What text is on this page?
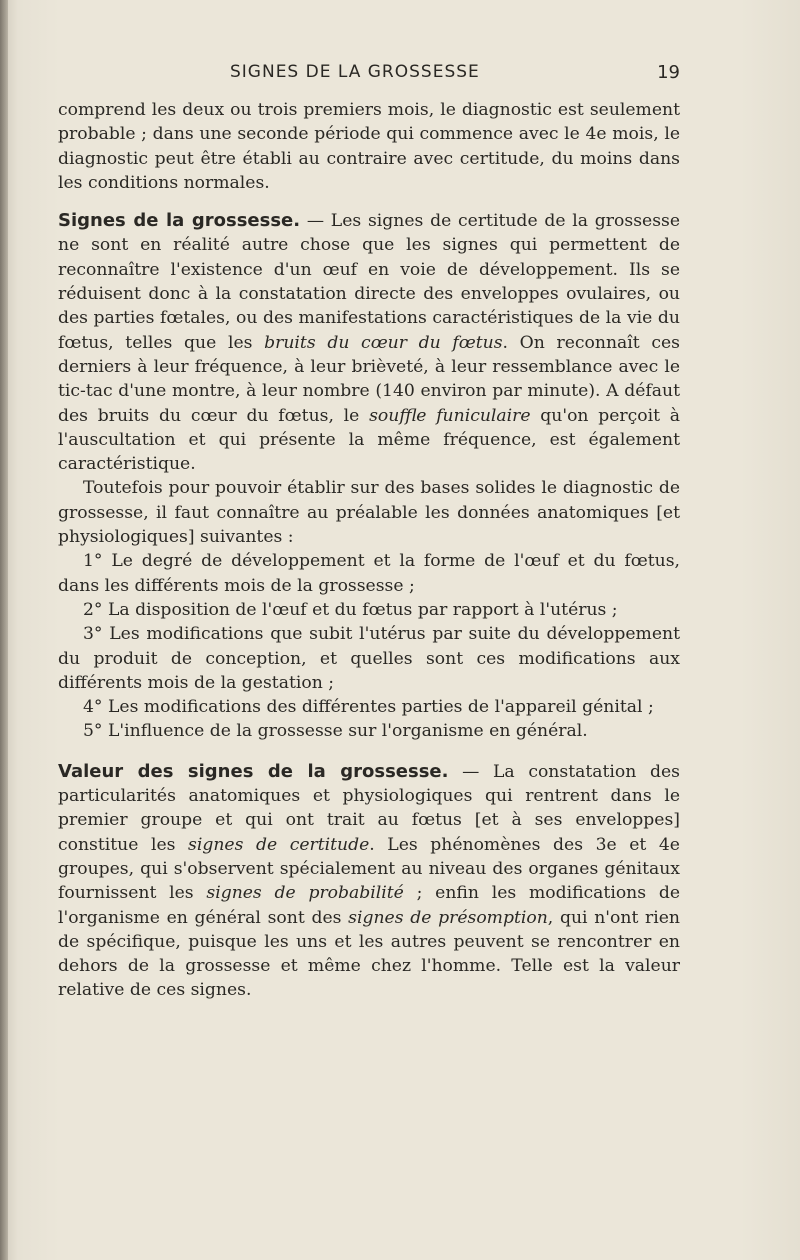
SIGNES DE LA GROSSESSE	19

comprend les deux ou trois premiers mois, le diagnostic est seulement probable ; dans une seconde période qui commence avec le 4e mois, le diagnostic peut être établi au contraire avec certitude, du moins dans les conditions normales.

Signes de la grossesse. — Les signes de certitude de la grossesse ne sont en réalité autre chose que les signes qui permettent de reconnaître l'existence d'un œuf en voie de développement. Ils se réduisent donc à la constatation directe des enveloppes ovulaires, ou des parties fœtales, ou des manifestations caractéristiques de la vie du fœtus, telles que les bruits du cœur du fœtus. On reconnaît ces derniers à leur fréquence, à leur brièveté, à leur ressemblance avec le tic-tac d'une montre, à leur nombre (140 environ par minute). A défaut des bruits du cœur du fœtus, le souffle funiculaire qu'on perçoit à l'auscultation et qui présente la même fréquence, est également caractéristique.

Toutefois pour pouvoir établir sur des bases solides le diagnostic de grossesse, il faut connaître au préalable les données anatomiques [et physiologiques] suivantes :

1° Le degré de développement et la forme de l'œuf et du fœtus, dans les différents mois de la grossesse ;

2° La disposition de l'œuf et du fœtus par rapport à l'utérus ;

3° Les modifications que subit l'utérus par suite du développement du produit de conception, et quelles sont ces modifications aux différents mois de la gestation ;

4° Les modifications des différentes parties de l'appareil génital ;

5° L'influence de la grossesse sur l'organisme en général.

Valeur des signes de la grossesse. — La constatation des particularités anatomiques et physiologiques qui rentrent dans le premier groupe et qui ont trait au fœtus [et à ses enveloppes] constitue les signes de certitude. Les phénomènes des 3e et 4e groupes, qui s'observent spécialement au niveau des organes génitaux fournissent les signes de probabilité ; enfin les modifications de l'organisme en général sont des signes de présomption, qui n'ont rien de spécifique, puisque les uns et les autres peuvent se rencontrer en dehors de la grossesse et même chez l'homme. Telle est la valeur relative de ces signes.
